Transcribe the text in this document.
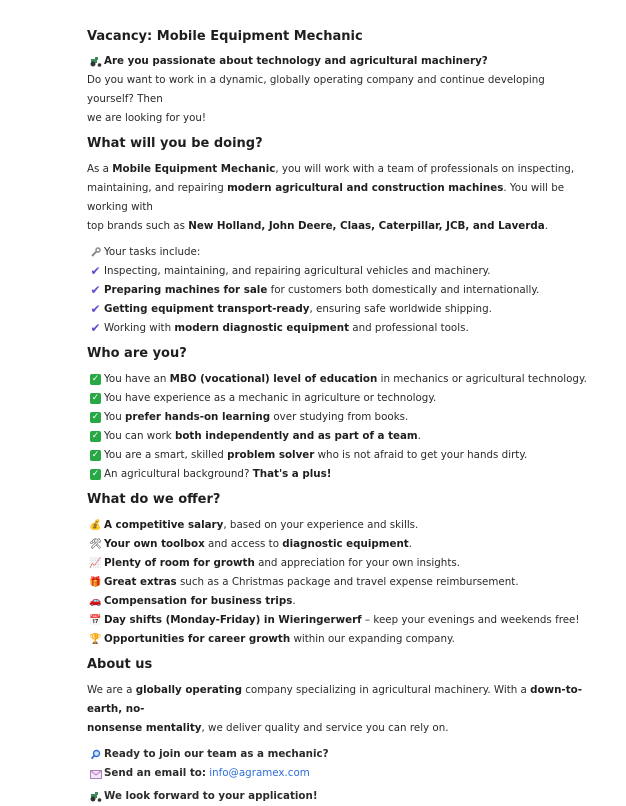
Vacancy: Mobile Equipment Mechanic
Are you passionate about technology and agricultural machinery?

Do you want to work in a dynamic, globally operating company and continue developing yourself? Then
we are looking for you!

What will you be doing?

As a Mobile Equipment Mechanic, you will work with a team of professionals on inspecting,
maintaining, and repairing modern agricultural and construction machines. You will be working with
top brands such as New Holland, John Deere, Claas, Caterpillar, JCB, and Laverda.

Your tasks include:
✔ Inspecting, maintaining, and repairing agricultural vehicles and machinery.
✔ Preparing machines for sale for customers both domestically and internationally.
✔ Getting equipment transport-ready, ensuring safe worldwide shipping.
✔ Working with modern diagnostic equipment and professional tools.
Who are you?
✓ You have an MBO (vocational) level of education in mechanics or agricultural technology.
✓ You have experience as a mechanic in agriculture or technology.
✓ You prefer hands-on learning over studying from books.
✓ You can work both independently and as part of a team.
✓ You are a smart, skilled problem solver who is not afraid to get your hands dirty.
✓ An agricultural background? That's a plus!
What do we offer?
💰 A competitive salary, based on your experience and skills.
🛠 Your own toolbox and access to diagnostic equipment.
📈 Plenty of room for growth and appreciation for your own insights.
🎁 Great extras such as a Christmas package and travel expense reimbursement.
🚗 Compensation for business trips.
📅 Day shifts (Monday-Friday) in Wieringerwerf – keep your evenings and weekends free!
🏆 Opportunities for career growth within our expanding company.
About us

We are a globally operating company specializing in agricultural machinery. With a down-to-earth, no-
nonsense mentality, we deliver quality and service you can rely on.

Ready to join our team as a mechanic?
Send an email to:
info@agramex.com
We look forward to your application!
